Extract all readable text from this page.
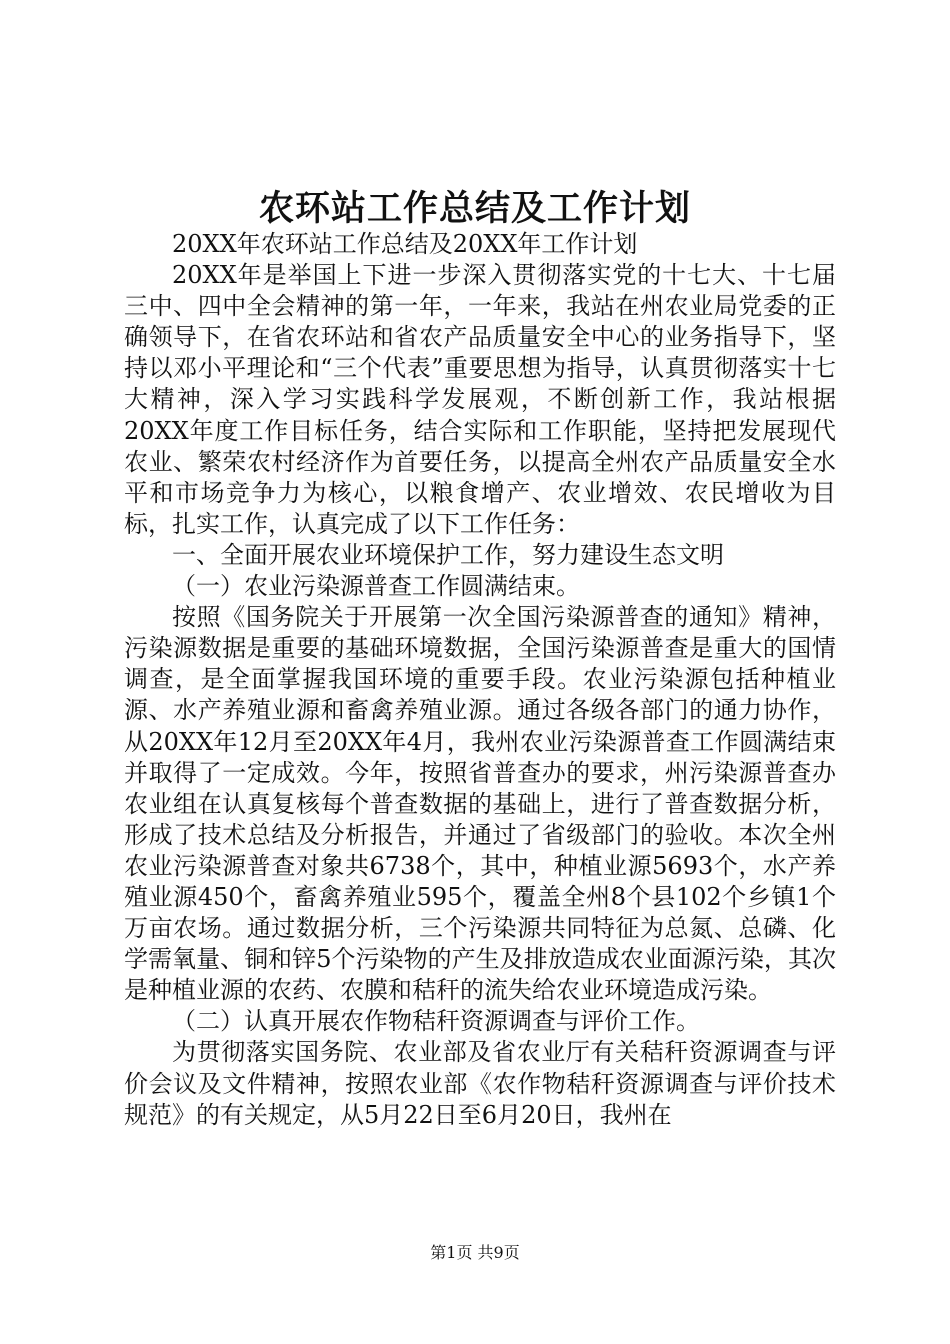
农环站工作总结及工作计划

20XX年农环站工作总结及20XX年工作计划

20XX年是举国上下进一步深入贯彻落实党的十七大、十七届三中、四中全会精神的第一年，一年来，我站在州农业局党委的正确领导下，在省农环站和省农产品质量安全中心的业务指导下，坚持以邓小平理论和“三个代表”重要思想为指导，认真贯彻落实十七大精神，深入学习实践科学发展观，不断创新工作，我站根据20XX年度工作目标任务，结合实际和工作职能，坚持把发展现代农业、繁荣农村经济作为首要任务，以提高全州农产品质量安全水平和市场竞争力为核心，以粮食增产、农业增效、农民增收为目标，扎实工作，认真完成了以下工作任务：

一、全面开展农业环境保护工作，努力建设生态文明

（一）农业污染源普查工作圆满结束。

按照《国务院关于开展第一次全国污染源普查的通知》精神，污染源数据是重要的基础环境数据，全国污染源普查是重大的国情调查，是全面掌握我国环境的重要手段。农业污染源包括种植业源、水产养殖业源和畜禽养殖业源。通过各级各部门的通力协作，从20XX年12月至20XX年4月，我州农业污染源普查工作圆满结束并取得了一定成效。今年，按照省普查办的要求，州污染源普查办农业组在认真复核每个普查数据的基础上，进行了普查数据分析，形成了技术总结及分析报告，并通过了省级部门的验收。本次全州农业污染源普查对象共6738个，其中，种植业源5693个，水产养殖业源450个，畜禽养殖业595个，覆盖全州8个县102个乡镇1个万亩农场。通过数据分析，三个污染源共同特征为总氮、总磷、化学需氧量、铜和锌5个污染物的产生及排放造成农业面源污染，其次是种植业源的农药、农膜和秸秆的流失给农业环境造成污染。

（二）认真开展农作物秸秆资源调查与评价工作。

为贯彻落实国务院、农业部及省农业厅有关秸秆资源调查与评价会议及文件精神，按照农业部《农作物秸秆资源调查与评价技术规范》的有关规定，从5月22日至6月20日，我州在

第1页 共9页
